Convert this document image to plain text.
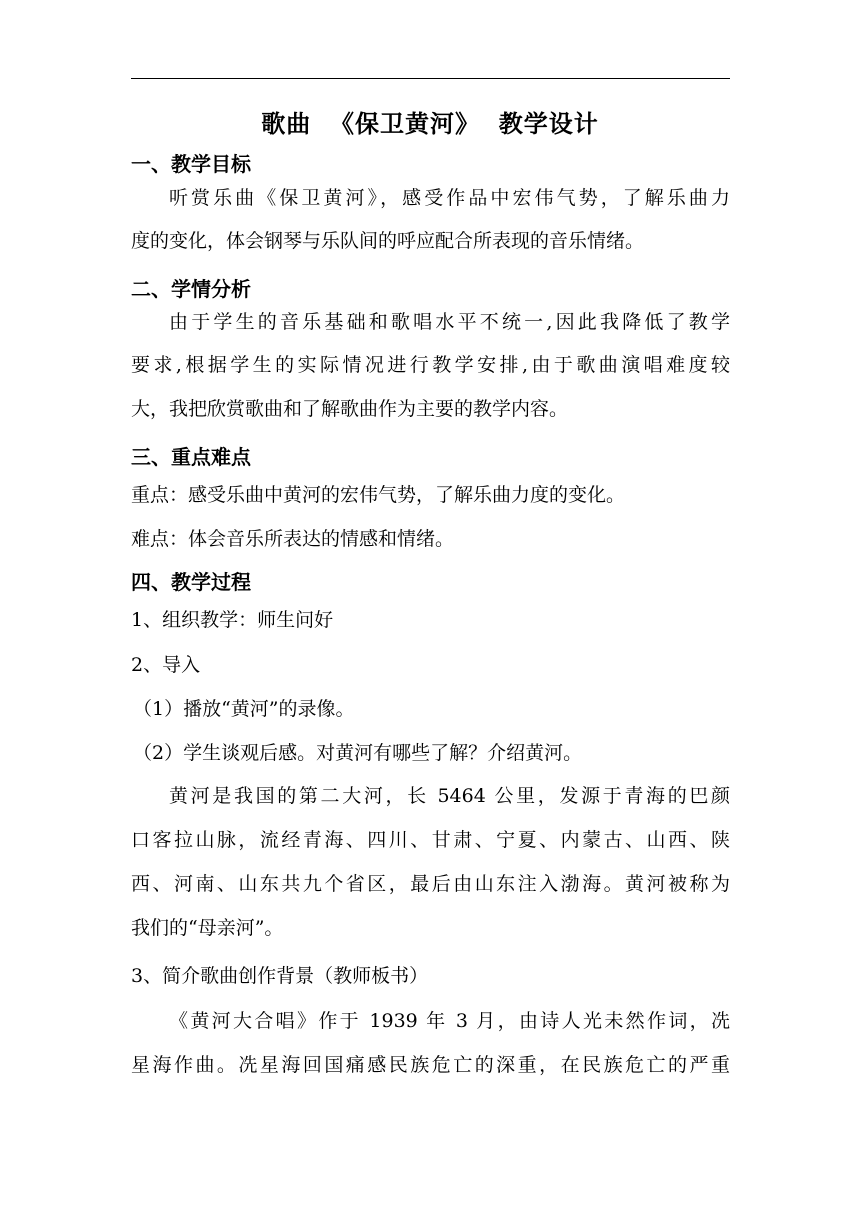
歌曲  《保卫黄河》  教学设计
一、教学目标
听赏乐曲《保卫黄河》，感受作品中宏伟气势，了解乐曲力
度的变化，体会钢琴与乐队间的呼应配合所表现的音乐情绪。
二、学情分析
由于学生的音乐基础和歌唱水平不统一,因此我降低了教学
要求,根据学生的实际情况进行教学安排,由于歌曲演唱难度较
大，我把欣赏歌曲和了解歌曲作为主要的教学内容。
三、重点难点
重点：感受乐曲中黄河的宏伟气势，了解乐曲力度的变化。
难点：体会音乐所表达的情感和情绪。
四、教学过程
1、组织教学：师生问好
2、导入
（1）播放“黄河”的录像。
（2）学生谈观后感。对黄河有哪些了解？介绍黄河。
黄河是我国的第二大河，长 5464 公里，发源于青海的巴颜
口客拉山脉，流经青海、四川、甘肃、宁夏、内蒙古、山西、陕
西、河南、山东共九个省区，最后由山东注入渤海。黄河被称为
我们的“母亲河”。
3、简介歌曲创作背景（教师板书）
《黄河大合唱》作于 1939 年 3 月，由诗人光未然作词，冼
星海作曲。冼星海回国痛感民族危亡的深重，在民族危亡的严重
